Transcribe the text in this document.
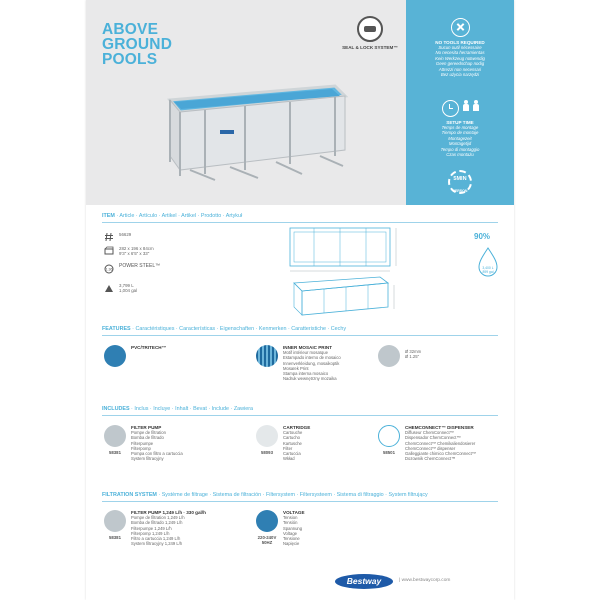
ABOVE
GROUND
POOLS
SEAL & LOCK SYSTEM™
NO TOOLS REQUIRED
Sucun outil nécessaire
No necesita herramientas
Kein Werkzeug notwendig
Geen gereedschap nodig
Attrezzi non necessari
Bez użycia narzędzi
SETUP TIME
Temps de montage
Tiempo de montaje
Montagezeit
Montagetijd
Tempo di montaggio
Czas montażu
5MIN
PERSON
ITEM · Article · Artículo · Artikel · Artikel · Prodotto · Artykuł
56629
282 x 196 x 84cm
9'3" x 6'5" x 33"
1.36
POWER STEEL™
3,799 L
1,004 gal
90%
3,400 L
899 gal
FEATURES · Caractéristiques · Características · Eigenschaften · Kenmerken · Caratteristiche · Cechy
PVC/TRITECH™	INNER MOSAIC PRINT
Motif intérieur mosaïque
Estampado interno de mosaico
Innenverkleidung, mosaikoptik
Mosaïek Print
Stampa interna mosaico
Nadruk wewnętrzny mozaika
Ø 32mm
Ø 1.25"
INCLUDES · Inclus · Incluye · Inhalt · Bevat · Include · Zawiera
58381
FILTER PUMP
Pompe de filtration
Bomba de filtrado
Filterpumpe
Filterpomp
Pompa con filtro a cartuccia
System filtracyjny
58093
CARTRIDGE
Cartouche
Cartucho
Kartusche
Filter
Cartuccia
Wkład
58501
CHEMCONNECT™ DISPENSER
Diffuseur ChemConnect™
Dispensador ChemConnect™
ChemConnect™ Chemikaliendosierer
ChemConnect™ dispenser
Galleggiante chimico ChemConnect™
Dozownik ChemConnect™
FILTRATION SYSTEM · Système de filtrage · Sistema de filtración · Filtersystem · Filtersysteem · Sistema di filtraggio · System filtrujący
58381
FILTER PUMP 1,249 L/h · 330 gal/h
Pompe de filtration 1,249 L/h
Bomba de filtrado 1,249 L/h
Filterpumpe 1,249 L/h
Filterpomp 1,249 L/h
Filtro a cartuccia 1,249 L/h
System filtracyjny 1,249 L/h
220-240V
50HZ
VOLTAGE
Tension
Tensión
Spannung
Voltage
Tensione
Napięcie
Bestway	| www.bestwaycorp.com
